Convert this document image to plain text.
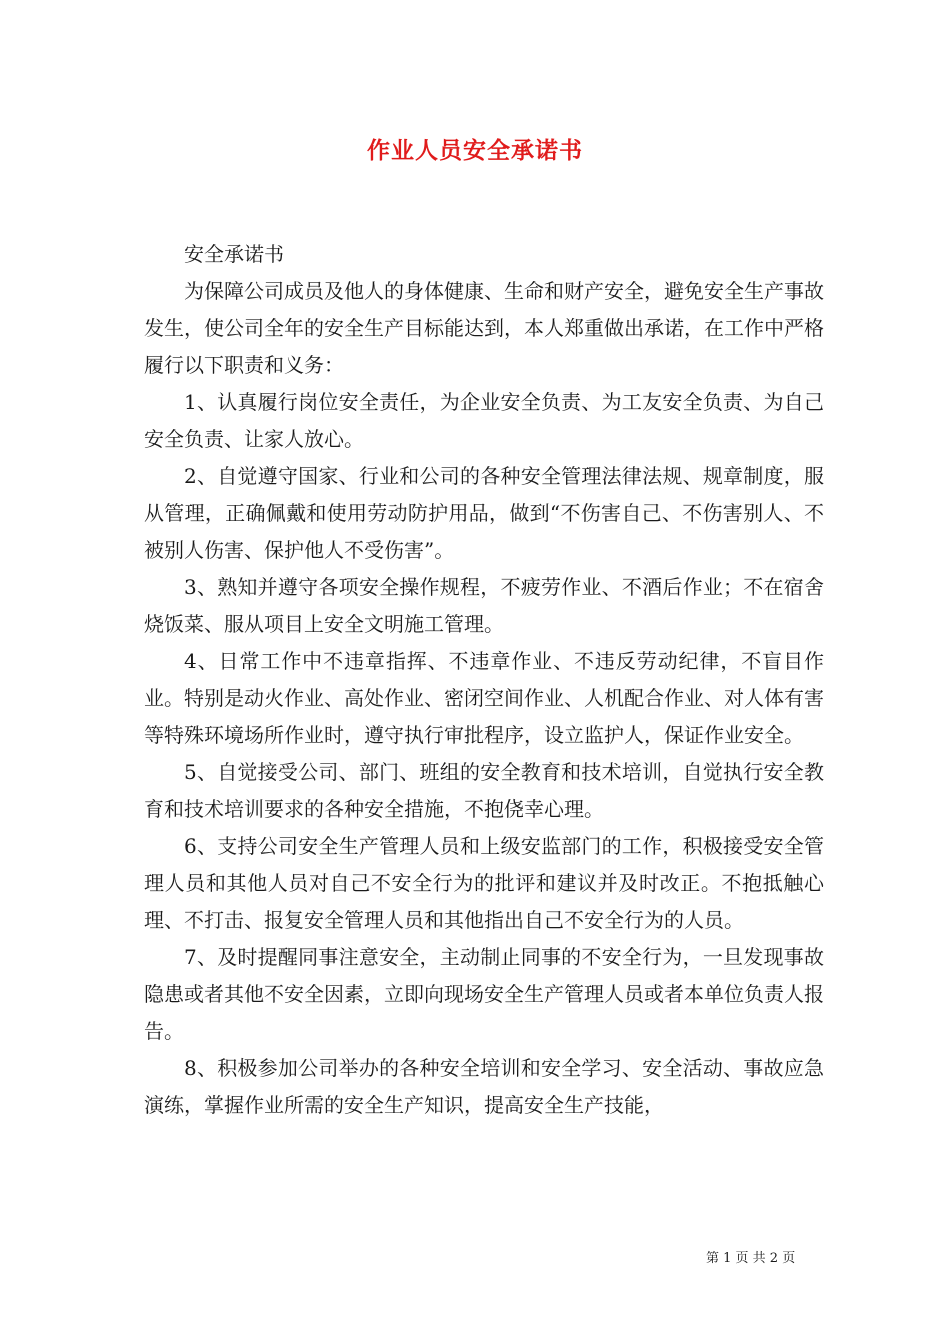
作业人员安全承诺书

安全承诺书

为保障公司成员及他人的身体健康、生命和财产安全，避免安全生产事故发生，使公司全年的安全生产目标能达到，本人郑重做出承诺，在工作中严格履行以下职责和义务：

1、认真履行岗位安全责任，为企业安全负责、为工友安全负责、为自己安全负责、让家人放心。

2、自觉遵守国家、行业和公司的各种安全管理法律法规、规章制度，服从管理，正确佩戴和使用劳动防护用品，做到“不伤害自己、不伤害别人、不被别人伤害、保护他人不受伤害”。

3、熟知并遵守各项安全操作规程，不疲劳作业、不酒后作业；不在宿舍烧饭菜、服从项目上安全文明施工管理。

4、日常工作中不违章指挥、不违章作业、不违反劳动纪律，不盲目作业。特别是动火作业、高处作业、密闭空间作业、人机配合作业、对人体有害等特殊环境场所作业时，遵守执行审批程序，设立监护人，保证作业安全。

5、自觉接受公司、部门、班组的安全教育和技术培训，自觉执行安全教育和技术培训要求的各种安全措施，不抱侥幸心理。

6、支持公司安全生产管理人员和上级安监部门的工作，积极接受安全管理人员和其他人员对自己不安全行为的批评和建议并及时改正。不抱抵触心理、不打击、报复安全管理人员和其他指出自己不安全行为的人员。

7、及时提醒同事注意安全，主动制止同事的不安全行为，一旦发现事故隐患或者其他不安全因素，立即向现场安全生产管理人员或者本单位负责人报告。

8、积极参加公司举办的各种安全培训和安全学习、安全活动、事故应急演练，掌握作业所需的安全生产知识，提高安全生产技能，

第 1 页 共 2 页
